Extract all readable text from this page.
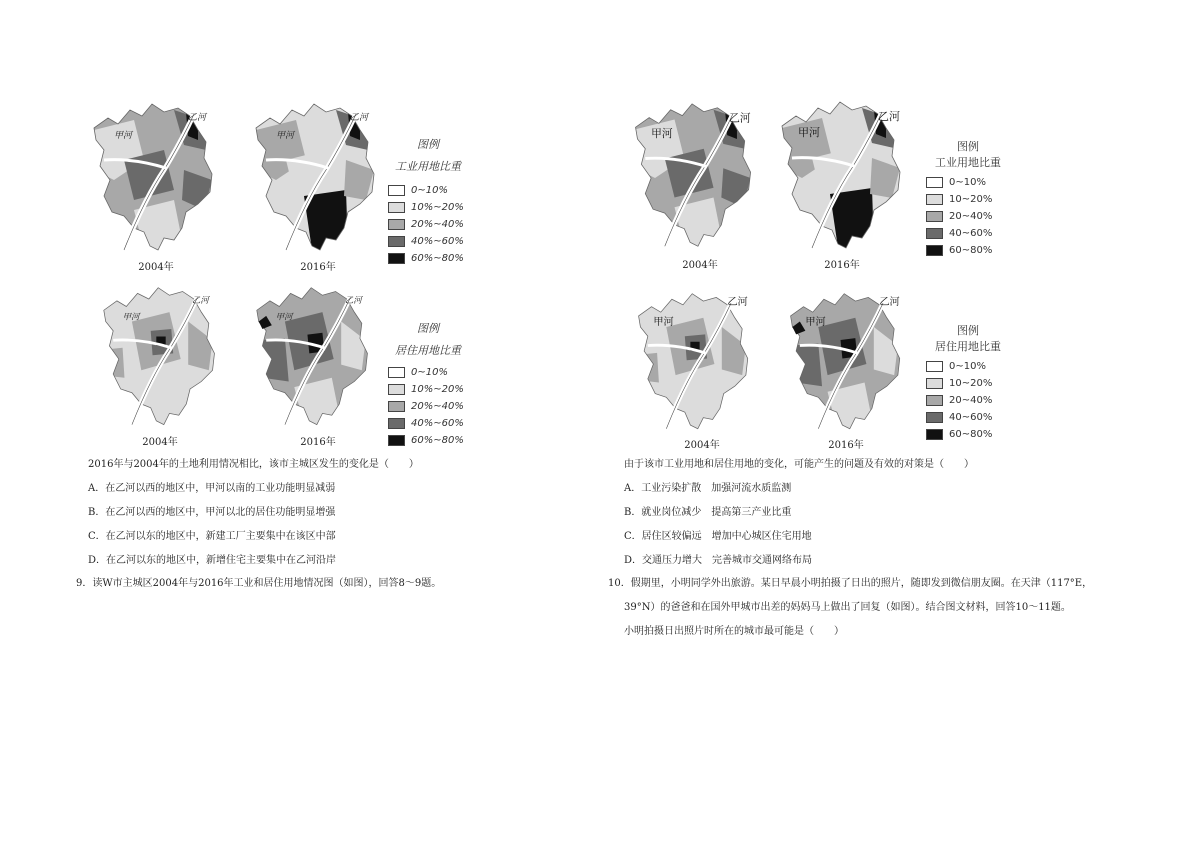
甲河
乙河
2004年
甲河
乙河
2016年
图例
工业用地比重
0~10%
10%~20%
20%~40%
40%~60%
60%~80%
甲河
乙河
2004年
甲河
乙河
2016年
图例
居住用地比重
0~10%
10%~20%
20%~40%
40%~60%
60%~80%
2016年与2004年的土地利用情况相比，该市主城区发生的变化是（　　）
A．在乙河以西的地区中，甲河以南的工业功能明显减弱
B．在乙河以西的地区中，甲河以北的居住功能明显增强
C．在乙河以东的地区中，新建工厂主要集中在该区中部
D．在乙河以东的地区中，新增住宅主要集中在乙河沿岸
9．读W市主城区2004年与2016年工业和居住用地情况图（如图），回答8～9题。
甲河
乙河
2004年
甲河
乙河
2016年
图例
工业用地比重
0~10%
10~20%
20~40%
40~60%
60~80%
甲河
乙河
2004年
甲河
乙河
2016年
图例
居住用地比重
0~10%
10~20%
20~40%
40~60%
60~80%
由于该市工业用地和居住用地的变化，可能产生的问题及有效的对策是（　　）
A．工业污染扩散　加强河流水质监测
B．就业岗位减少　提高第三产业比重
C．居住区较偏远　增加中心城区住宅用地
D．交通压力增大　完善城市交通网络布局
10．假期里，小明同学外出旅游。某日早晨小明拍摄了日出的照片，随即发到微信朋友圈。在天津（117°E，
39°N）的爸爸和在国外甲城市出差的妈妈马上做出了回复（如图）。结合图文材料，回答10～11题。
小明拍摄日出照片时所在的城市最可能是（　　）
